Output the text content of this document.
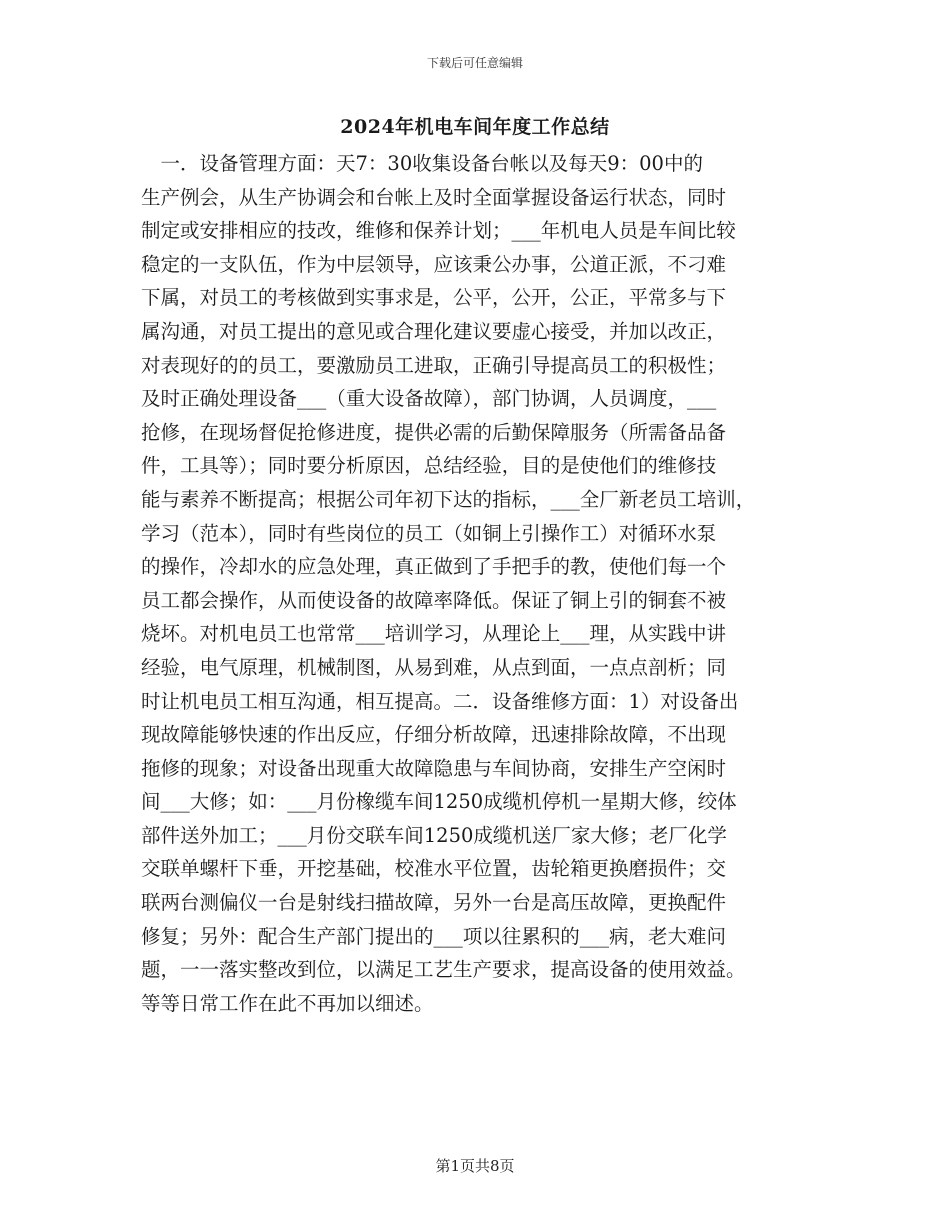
下载后可任意编辑
2024年机电车间年度工作总结
　一．设备管理方面：天7：30收集设备台帐以及每天9：00中的
生产例会，从生产协调会和台帐上及时全面掌握设备运行状态，同时
制定或安排相应的技改，维修和保养计划；___年机电人员是车间比较
稳定的一支队伍，作为中层领导，应该秉公办事，公道正派，不刁难
下属，对员工的考核做到实事求是，公平，公开，公正，平常多与下
属沟通，对员工提出的意见或合理化建议要虚心接受，并加以改正，
对表现好的的员工，要激励员工进取，正确引导提高员工的积极性；
及时正确处理设备___（重大设备故障），部门协调，人员调度，___
抢修，在现场督促抢修进度，提供必需的后勤保障服务（所需备品备
件，工具等）；同时要分析原因，总结经验，目的是使他们的维修技
能与素养不断提高；根据公司年初下达的指标，___全厂新老员工培训，
学习（范本），同时有些岗位的员工（如铜上引操作工）对循环水泵
的操作，冷却水的应急处理，真正做到了手把手的教，使他们每一个
员工都会操作，从而使设备的故障率降低。保证了铜上引的铜套不被
烧坏。对机电员工也常常___培训学习，从理论上___理，从实践中讲
经验，电气原理，机械制图，从易到难，从点到面，一点点剖析；同
时让机电员工相互沟通，相互提高。二．设备维修方面：1）对设备出
现故障能够快速的作出反应，仔细分析故障，迅速排除故障，不出现
拖修的现象；对设备出现重大故障隐患与车间协商，安排生产空闲时
间___大修；如：___月份橡缆车间1250成缆机停机一星期大修，绞体
部件送外加工；___月份交联车间1250成缆机送厂家大修；老厂化学
交联单螺杆下垂，开挖基础，校准水平位置，齿轮箱更换磨损件；交
联两台测偏仪一台是射线扫描故障，另外一台是高压故障，更换配件
修复；另外：配合生产部门提出的___项以往累积的___病，老大难问
题，一一落实整改到位，以满足工艺生产要求，提高设备的使用效益。
等等日常工作在此不再加以细述。
第1页共8页
